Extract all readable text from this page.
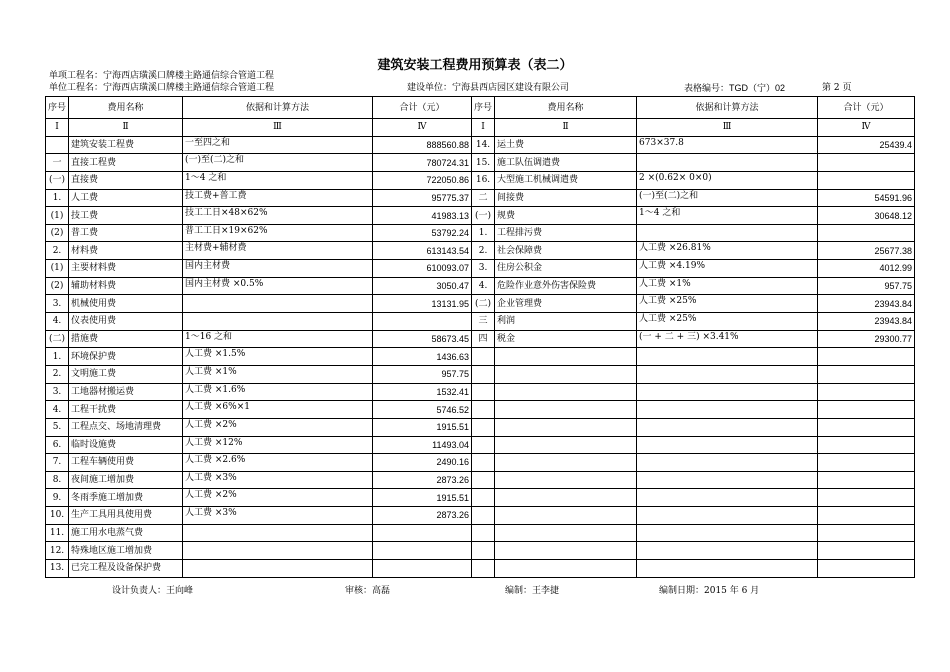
建筑安装工程费用预算表（表二）
单项工程名：宁海西店璜溪口牌楼主路通信综合管道工程
单位工程名：宁海西店璜溪口牌楼主路通信综合管道工程	建设单位：宁海县西店园区建设有限公司	表格编号：TGD（宁）02	第 2 页
序号	费用名称	依据和计算方法	合计（元）	序号	费用名称	依据和计算方法	合计（元）
Ⅰ	Ⅱ	Ⅲ	Ⅳ	Ⅰ	Ⅱ	Ⅲ	Ⅳ
	建筑安装工程费	一至四之和	888560.88	14.	运土费	673×37.8	25439.4
一	直接工程费	(一)至(二)之和	780724.31	15.	施工队伍调遣费		
(一)	直接费	1～4 之和	722050.86	16.	大型施工机械调遣费	2 ×(0.62× 0×0)	
1.	人工费	技工费+普工费	95775.37	二	间接费	(一)至(二)之和	54591.96
(1)	技工费	技工工日×48×62%	41983.13	(一)	规费	1～4 之和	30648.12
(2)	普工费	普工工日×19×62%	53792.24	1.	工程排污费		
2.	材料费	主材费+辅材费	613143.54	2.	社会保障费	人工费 ×26.81%	25677.38
(1)	主要材料费	国内主材费	610093.07	3.	住房公积金	人工费 ×4.19%	4012.99
(2)	辅助材料费	国内主材费 ×0.5%	3050.47	4.	危险作业意外伤害保险费	人工费 ×1%	957.75
3.	机械使用费		13131.95	(二)	企业管理费	人工费 ×25%	23943.84
4.	仪表使用费			三	利润	人工费 ×25%	23943.84
(二)	措施费	1～16 之和	58673.45	四	税金	(一 + 二 + 三) ×3.41%	29300.77
1.	环境保护费	人工费 ×1.5%	1436.63				
2.	文明施工费	人工费 ×1%	957.75				
3.	工地器材搬运费	人工费 ×1.6%	1532.41				
4.	工程干扰费	人工费 ×6%×1	5746.52				
5.	工程点交、场地清理费	人工费 ×2%	1915.51				
6.	临时设施费	人工费 ×12%	11493.04				
7.	工程车辆使用费	人工费 ×2.6%	2490.16				
8.	夜间施工增加费	人工费 ×3%	2873.26				
9.	冬雨季施工增加费	人工费 ×2%	1915.51				
10.	生产工具用具使用费	人工费 ×3%	2873.26				
11.	施工用水电蒸气费						
12.	特殊地区施工增加费						
13.	已完工程及设备保护费						
设计负责人：王向峰	审核：高磊	编制：王李捷	编制日期：2015 年 6 月
